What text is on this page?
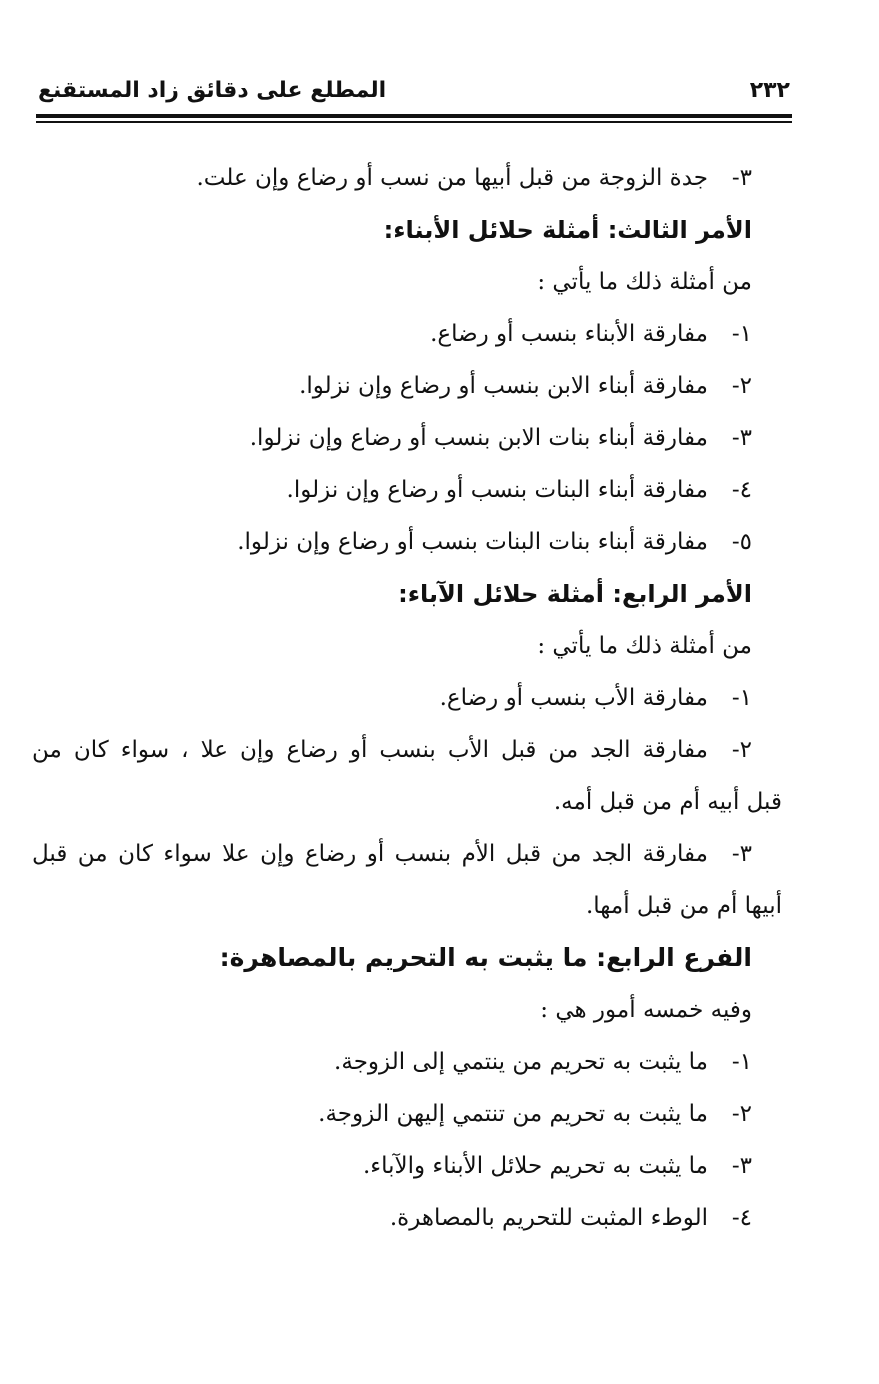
٢٣٢
المطلع على دقائق زاد المستقنع
٣-
جدة الزوجة من قبل أبيها من نسب أو رضاع وإن علت.
الأمر الثالث: أمثلة حلائل الأبناء:
من أمثلة ذلك ما يأتي :
١-
مفارقة الأبناء بنسب أو رضاع.
٢-
مفارقة أبناء الابن بنسب أو رضاع وإن نزلوا.
٣-
مفارقة أبناء بنات الابن بنسب أو رضاع وإن نزلوا.
٤-
مفارقة أبناء البنات بنسب أو رضاع وإن نزلوا.
٥-
مفارقة أبناء بنات البنات بنسب أو رضاع وإن نزلوا.
الأمر الرابع: أمثلة حلائل الآباء:
من أمثلة ذلك ما يأتي :
١-
مفارقة الأب بنسب أو رضاع.
٢-
مفارقة الجد من قبل الأب بنسب أو رضاع وإن علا ، سواء كان من
قبل أبيه أم من قبل أمه.
٣-
مفارقة الجد من قبل الأم بنسب أو رضاع وإن علا سواء كان من قبل
أبيها أم من قبل أمها.
الفرع الرابع: ما يثبت به التحريم بالمصاهرة:
وفيه خمسه أمور هي :
١-
ما يثبت به تحريم من ينتمي إلى الزوجة.
٢-
ما يثبت به تحريم من تنتمي إليهن الزوجة.
٣-
ما يثبت به تحريم حلائل الأبناء والآباء.
٤-
الوطء المثبت للتحريم بالمصاهرة.
